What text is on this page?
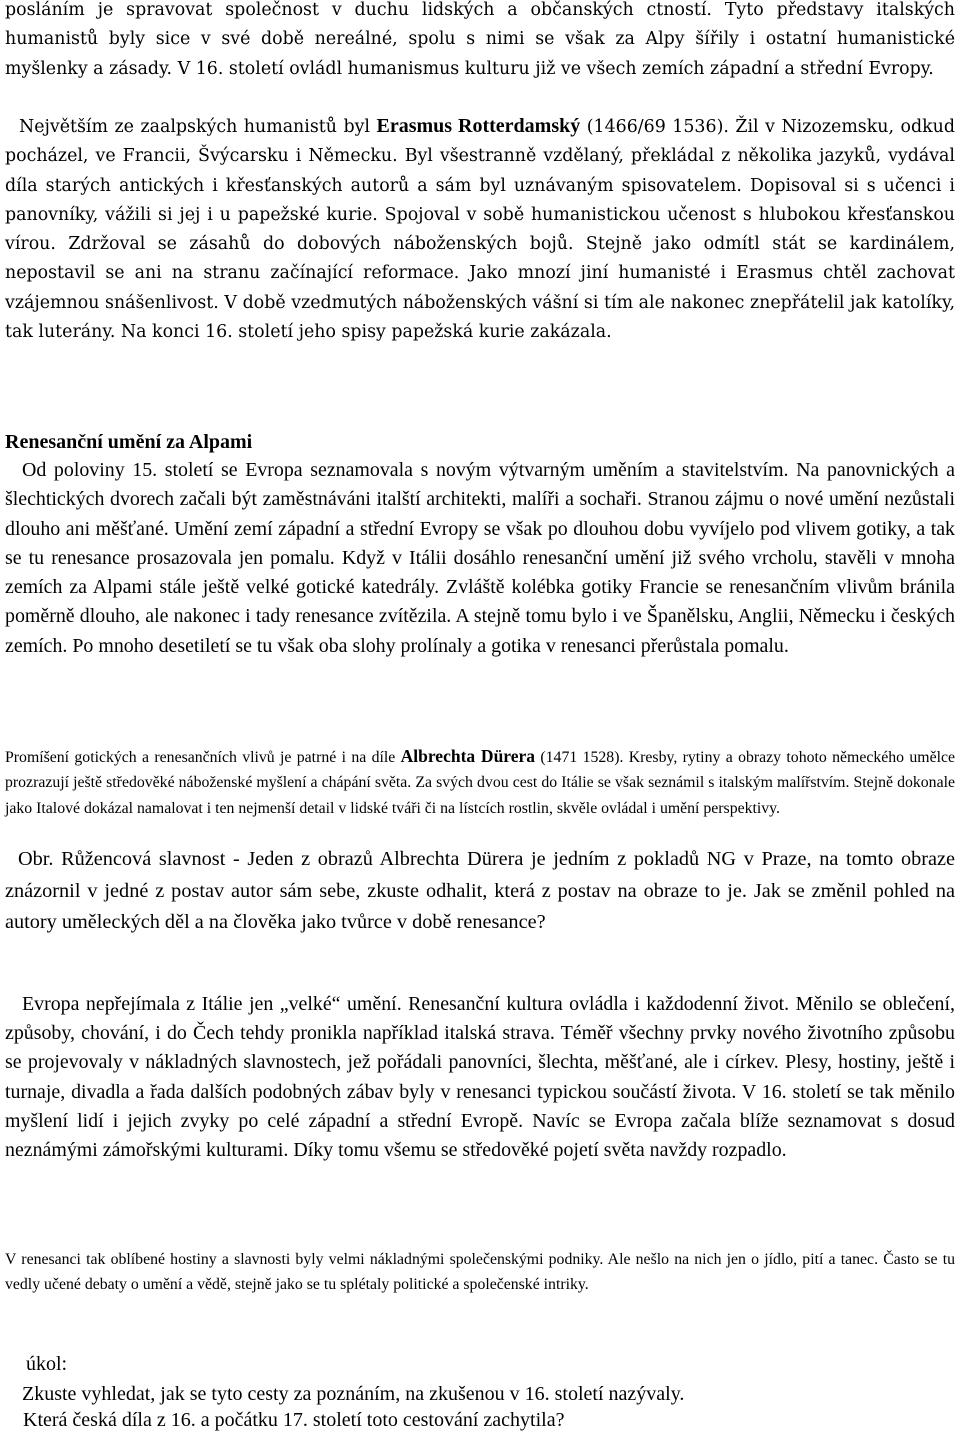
posláním je spravovat společnost v duchu lidských a občanských ctností. Tyto představy italských humanistů byly sice v své době nereálné, spolu s nimi se však za Alpy šířily i ostatní humanistické myšlenky a zásady. V 16. století ovládl humanismus kulturu již ve všech zemích západní a střední Evropy.

Největším ze zaalpských humanistů byl Erasmus Rotterdamský (1466/69 1536). Žil v Nizozemsku, odkud pocházel, ve Francii, Švýcarsku i Německu. Byl všestranně vzdělaný, překládal z několika jazyků, vydával díla starých antických i křesťanských autorů a sám byl uznávaným spisovatelem. Dopisoval si s učenci i panovníky, vážili si jej i u papežské kurie. Spojoval v sobě humanistickou učenost s hlubokou křesťanskou vírou. Zdržoval se zásahů do dobových náboženských bojů. Stejně jako odmítl stát se kardinálem, nepostavil se ani na stranu začínající reformace. Jako mnozí jiní humanisté i Erasmus chtěl zachovat vzájemnou snášenlivost. V době vzedmutých náboženských vášní si tím ale nakonec znepřátelil jak katolíky, tak luterány. Na konci 16. století jeho spisy papežská kurie zakázala.

Renesanční umění za Alpami

Od poloviny 15. století se Evropa seznamovala s novým výtvarným uměním a stavitelstvím. Na panovnických a šlechtických dvorech začali být zaměstnáváni italští architekti, malíři a sochaři. Stranou zájmu o nové umění nezůstali dlouho ani měšťané. Umění zemí západní a střední Evropy se však po dlouhou dobu vyvíjelo pod vlivem gotiky, a tak se tu renesance prosazovala jen pomalu. Když v Itálii dosáhlo renesanční umění již svého vrcholu, stavěli v mnoha zemích za Alpami stále ještě velké gotické katedrály. Zvláště kolébka gotiky Francie se renesančním vlivům bránila poměrně dlouho, ale nakonec i tady renesance zvítězila. A stejně tomu bylo i ve Španělsku, Anglii, Německu i českých zemích. Po mnoho desetiletí se tu však oba slohy prolínaly a gotika v renesanci přerůstala pomalu.

Promíšení gotických a renesančních vlivů je patrné i na díle Albrechta Dürera (1471 1528). Kresby, rytiny a obrazy tohoto německého umělce prozrazují ještě středověké náboženské myšlení a chápání světa. Za svých dvou cest do Itálie se však seznámil s italským malířstvím. Stejně dokonale jako Italové dokázal namalovat i ten nejmenší detail v lidské tváři či na lístcích rostlin, skvěle ovládal i umění perspektivy.

Obr. Růžencová slavnost - Jeden z obrazů Albrechta Dürera je jedním z pokladů NG v Praze, na tomto obraze znázornil v jedné z postav autor sám sebe, zkuste odhalit, která z postav na obraze to je. Jak se změnil pohled na autory uměleckých děl a na člověka jako tvůrce v době renesance?

Evropa nepřejímala z Itálie jen „velké“ umění. Renesanční kultura ovládla i každodenní život. Měnilo se oblečení, způsoby, chování, i do Čech tehdy pronikla například italská strava. Téměř všechny prvky nového životního způsobu se projevovaly v nákladných slavnostech, jež pořádali panovníci, šlechta, měšťané, ale i církev. Plesy, hostiny, ještě i turnaje, divadla a řada dalších podobných zábav byly v renesanci typickou součástí života. V 16. století se tak měnilo myšlení lidí i jejich zvyky po celé západní a střední Evropě. Navíc se Evropa začala blíže seznamovat s dosud neznámými zámořskými kulturami. Díky tomu všemu se středověké pojetí světa navždy rozpadlo.

V renesanci tak oblíbené hostiny a slavnosti byly velmi nákladnými společenskými podniky. Ale nešlo na nich jen o jídlo, pití a tanec. Často se tu vedly učené debaty o umění a vědě, stejně jako se tu splétaly politické a společenské intriky.

úkol:

Zkuste vyhledat, jak se tyto cesty za poznáním, na zkušenou v 16. století nazývaly.
Která česká díla z 16. a počátku 17. století toto cestování zachytila?
